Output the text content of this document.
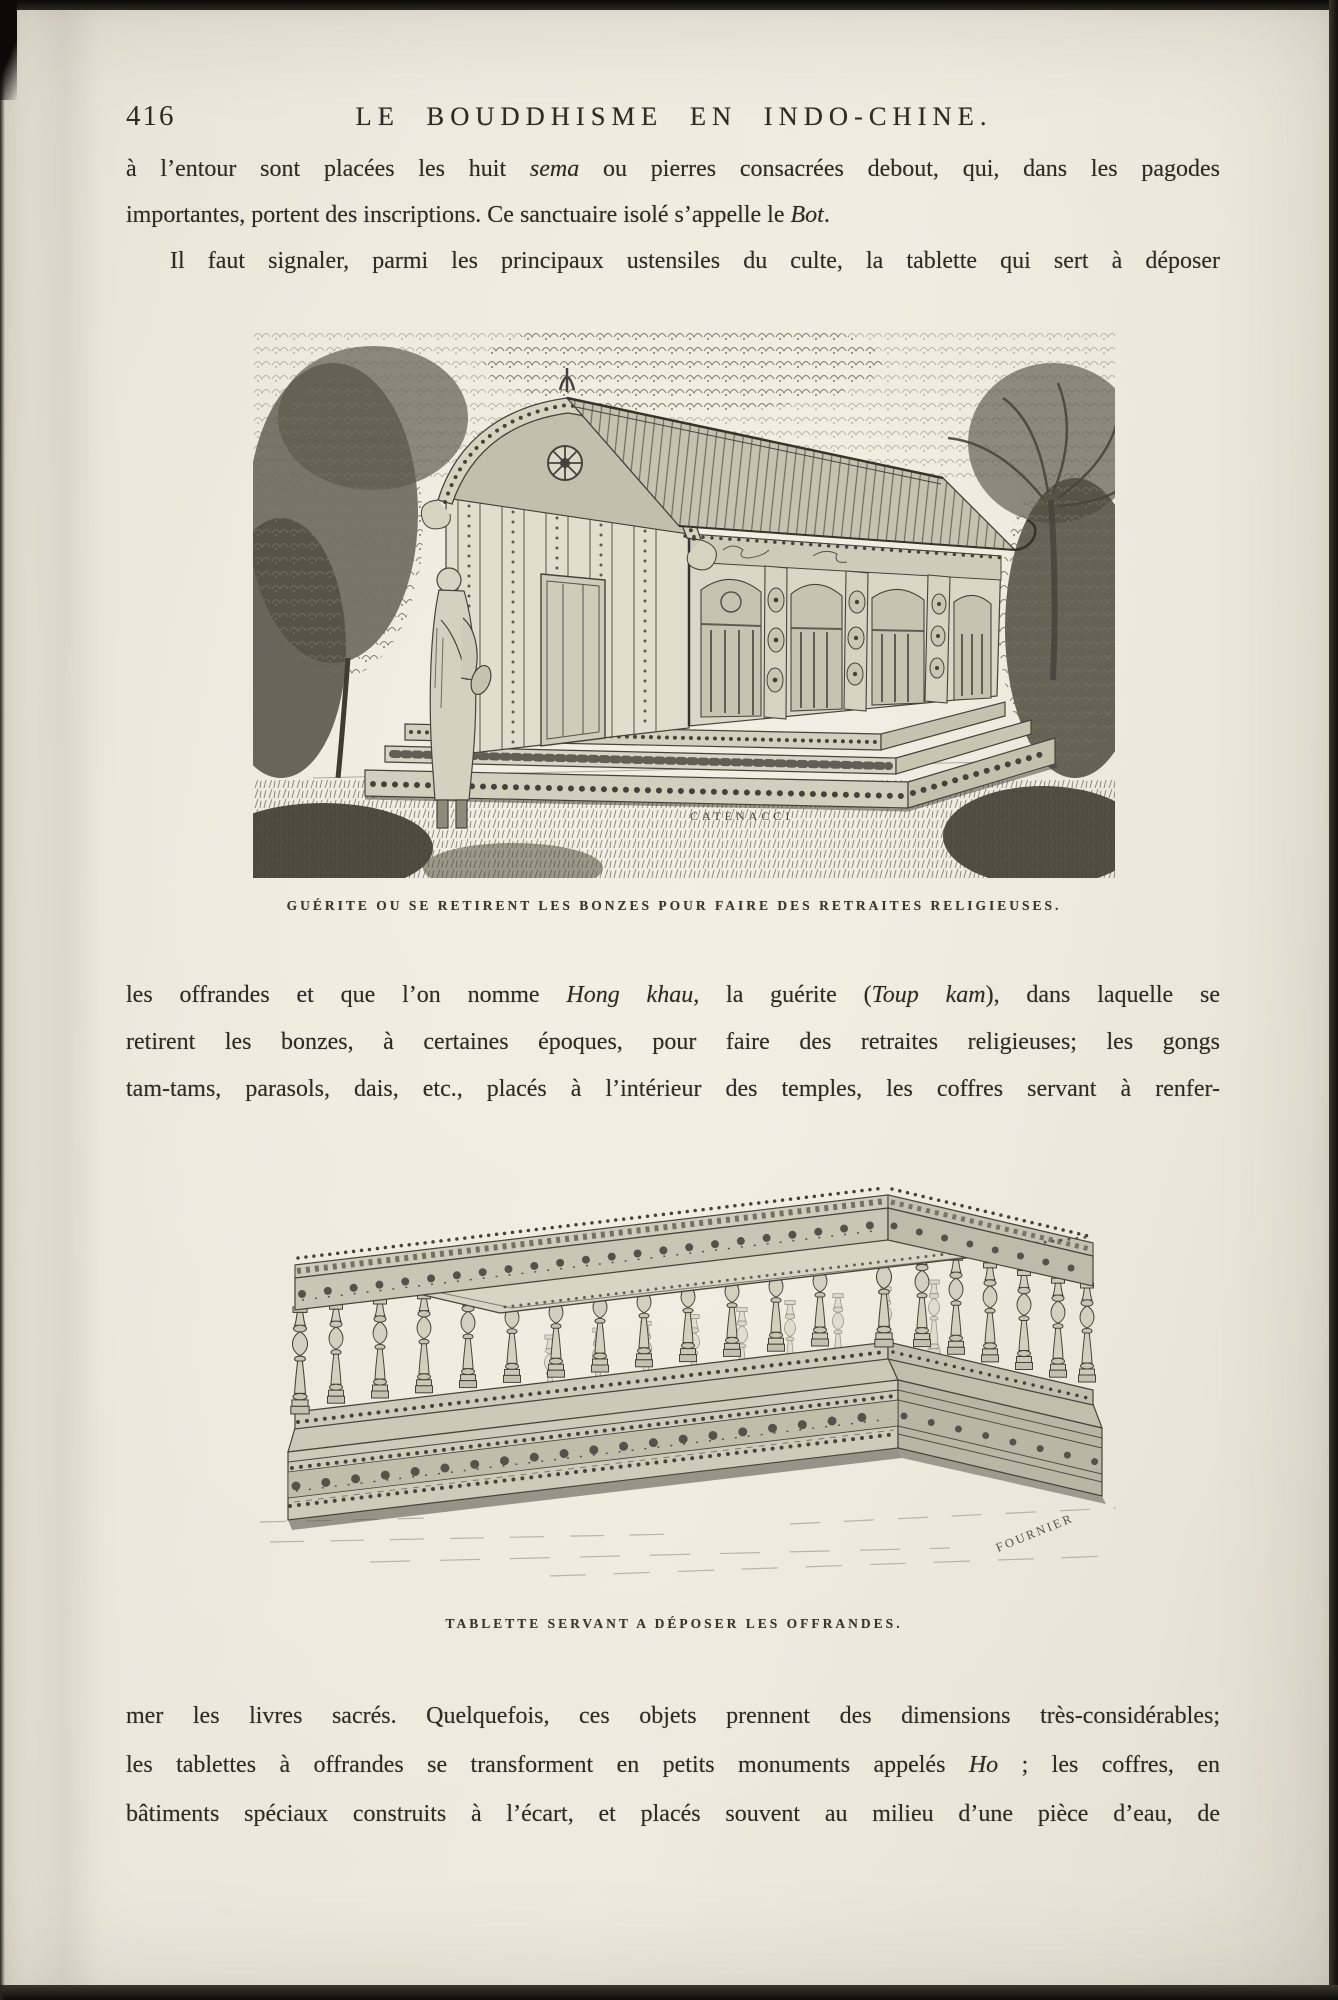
416	LE BOUDDHISME EN INDO-CHINE.
à l’entour sont placées les huit sema ou pierres consacrées debout, qui, dans les pagodes
importantes, portent des inscriptions. Ce sanctuaire isolé s’appelle le Bot.
Il faut signaler, parmi les principaux ustensiles du culte, la tablette qui sert à déposer
CATENACCI
GUÉRITE OU SE RETIRENT LES BONZES POUR FAIRE DES RETRAITES RELIGIEUSES.
les offrandes et que l’on nomme Hong khau, la guérite (Toup kam), dans laquelle se
retirent les bonzes, à certaines époques, pour faire des retraites religieuses; les gongs
tam-tams, parasols, dais, etc., placés à l’intérieur des temples, les coffres servant à renfer-
FOURNIER
TABLETTE SERVANT A DÉPOSER LES OFFRANDES.
mer les livres sacrés. Quelquefois, ces objets prennent des dimensions très-considérables;
les tablettes à offrandes se transforment en petits monuments appelés Ho ; les coffres, en
bâtiments spéciaux construits à l’écart, et placés souvent au milieu d’une pièce d’eau, de
